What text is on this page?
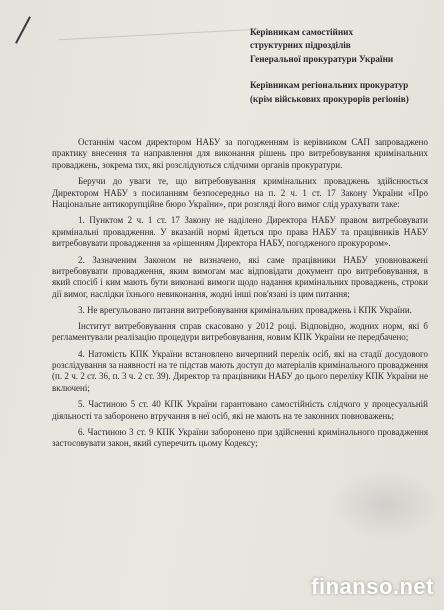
Керівникам самостійних
структурних підрозділів
Генеральної прокуратури України
Керівникам регіональних прокуратур
(крім військових прокурорів регіонів)

Останнім часом директором НАБУ за погодженням із керівником САП запроваджено практику внесення та направлення для виконання рішень про витребовування кримінальних проваджень, зокрема тих, які розслідуються слідчими органів прокуратури.

Беручи до уваги те, що витребовування кримінальних проваджень здійснюється Директором НАБУ з посиланням безпосередньо на п. 2 ч. 1 ст. 17 Закону України «Про Національне антикорупційне бюро України», при розгляді його вимог слід урахувати таке:

1. Пунктом 2 ч. 1 ст. 17 Закону не наділено Директора НАБУ правом витребовувати кримінальні провадження. У вказаній нормі йдеться про права НАБУ та працівників НАБУ витребовувати провадження за «рішенням Директора НАБУ, погодженого прокурором».

2. Зазначеним Законом не визначено, які саме працівники НАБУ уповноважені витребовувати провадження, яким вимогам має відповідати документ про витребовування, в який спосіб і ким мають бути виконані вимоги щодо надання кримінальних проваджень, строки дії вимог, наслідки їхнього невиконання, жодні інші пов'язані із цим питання;

3. Не врегульовано питання витребовування кримінальних проваджень і КПК України.

Інститут витребовування справ скасовано у 2012 році. Відповідно, жодних норм, які б регламентували реалізацію процедури витребовування, новим КПК України не передбачено;

4. Натомість КПК України встановлено вичерпний перелік осіб, які на стадії досудового розслідування за наявності на те підстав мають доступ до матеріалів кримінального провадження (п. 2 ч. 2 ст. 36, п. 3 ч. 2 ст. 39). Директор та працівники НАБУ до цього переліку КПК України не включені;

5. Частиною 5 ст. 40 КПК України гарантовано самостійність слідчого у процесуальній діяльності та заборонено втручання в неї осіб, які не мають на те законних повноважень;

6. Частиною 3 ст. 9 КПК України заборонено при здійсненні кримінального провадження застосовувати закон, який суперечить цьому Кодексу;

finanso.net
